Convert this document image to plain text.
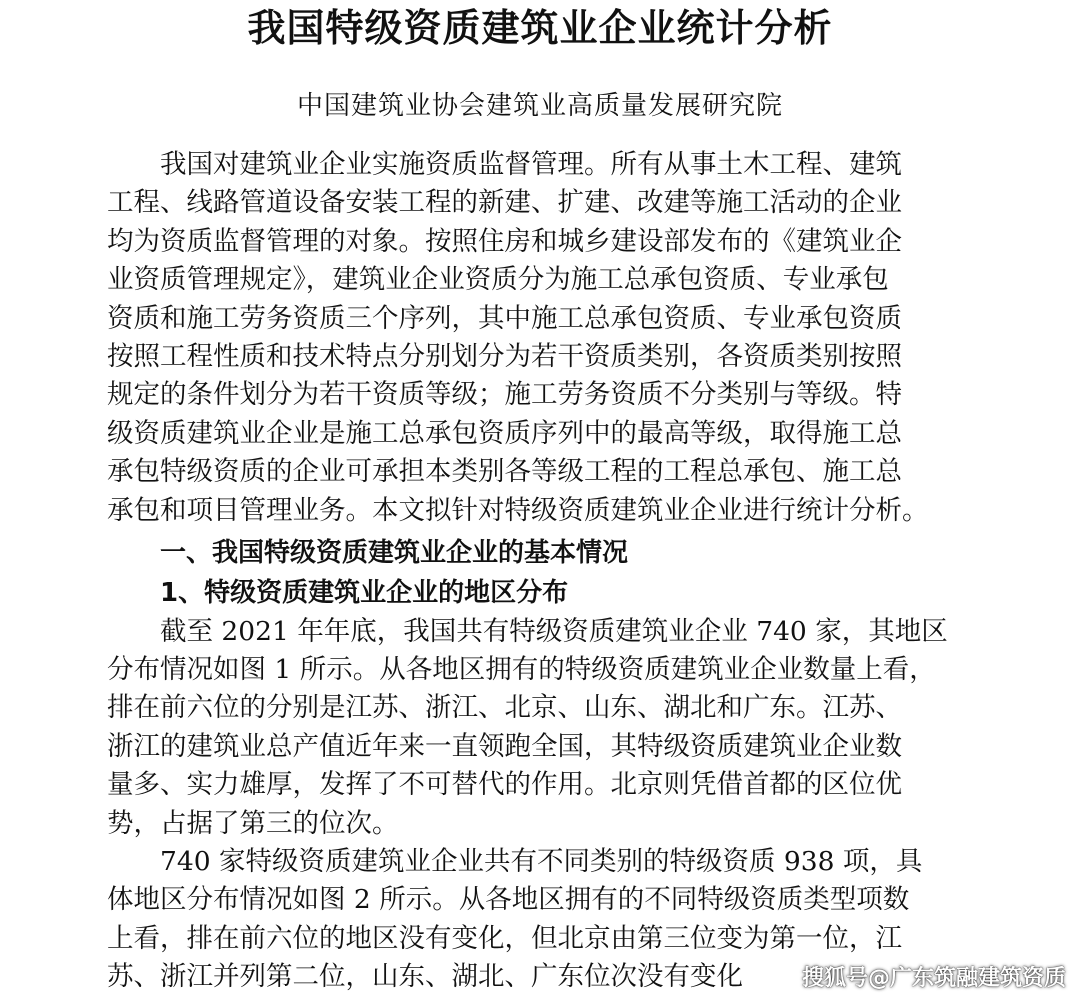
我国特级资质建筑业企业统计分析
中国建筑业协会建筑业高质量发展研究院
我国对建筑业企业实施资质监督管理。所有从事土木工程、建筑
工程、线路管道设备安装工程的新建、扩建、改建等施工活动的企业
均为资质监督管理的对象。按照住房和城乡建设部发布的《建筑业企
业资质管理规定》，建筑业企业资质分为施工总承包资质、专业承包
资质和施工劳务资质三个序列，其中施工总承包资质、专业承包资质
按照工程性质和技术特点分别划分为若干资质类别，各资质类别按照
规定的条件划分为若干资质等级；施工劳务资质不分类别与等级。特
级资质建筑业企业是施工总承包资质序列中的最高等级，取得施工总
承包特级资质的企业可承担本类别各等级工程的工程总承包、施工总
承包和项目管理业务。本文拟针对特级资质建筑业企业进行统计分析。
一、我国特级资质建筑业企业的基本情况
1、特级资质建筑业企业的地区分布
截至 2021 年年底，我国共有特级资质建筑业企业 740 家，其地区
分布情况如图 1 所示。从各地区拥有的特级资质建筑业企业数量上看，
排在前六位的分别是江苏、浙江、北京、山东、湖北和广东。江苏、
浙江的建筑业总产值近年来一直领跑全国，其特级资质建筑业企业数
量多、实力雄厚，发挥了不可替代的作用。北京则凭借首都的区位优
势，占据了第三的位次。
740 家特级资质建筑业企业共有不同类别的特级资质 938 项，具
体地区分布情况如图 2 所示。从各地区拥有的不同特级资质类型项数
上看，排在前六位的地区没有变化，但北京由第三位变为第一位，江
苏、浙江并列第二位，山东、湖北、广东位次没有变化	搜狐号@广东筑融建筑资质
